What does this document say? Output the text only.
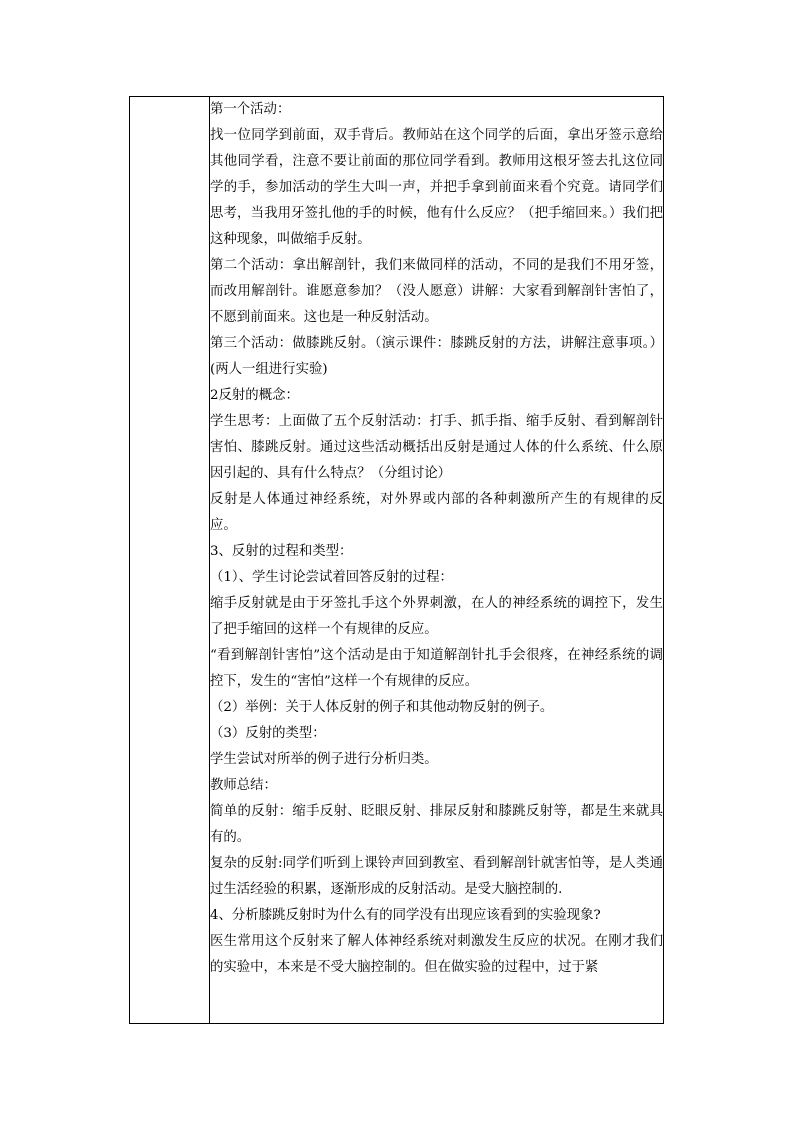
第一个活动：

找一位同学到前面，双手背后。教师站在这个同学的后面，拿出牙签示意给其他同学看，注意不要让前面的那位同学看到。教师用这根牙签去扎这位同学的手，参加活动的学生大叫一声，并把手拿到前面来看个究竟。请同学们思考，当我用牙签扎他的手的时候，他有什么反应？（把手缩回来。）我们把这种现象，叫做缩手反射。

第二个活动：拿出解剖针，我们来做同样的活动，不同的是我们不用牙签，而改用解剖针。谁愿意参加？（没人愿意）讲解：大家看到解剖针害怕了，不愿到前面来。这也是一种反射活动。

第三个活动：做膝跳反射。（演示课件：膝跳反射的方法，讲解注意事项。）(两人一组进行实验)

2反射的概念：

学生思考：上面做了五个反射活动：打手、抓手指、缩手反射、看到解剖针害怕、膝跳反射。通过这些活动概括出反射是通过人体的什么系统、什么原因引起的、具有什么特点？（分组讨论）

反射是人体通过神经系统，对外界或内部的各种刺激所产生的有规律的反应。

3、反射的过程和类型：

（1）、学生讨论尝试着回答反射的过程：

缩手反射就是由于牙签扎手这个外界刺激，在人的神经系统的调控下，发生了把手缩回的这样一个有规律的反应。

“看到解剖针害怕”这个活动是由于知道解剖针扎手会很疼，在神经系统的调控下，发生的“害怕”这样一个有规律的反应。

（2）举例：关于人体反射的例子和其他动物反射的例子。

（3）反射的类型：

学生尝试对所举的例子进行分析归类。

教师总结：

简单的反射：缩手反射、眨眼反射、排尿反射和膝跳反射等，都是生来就具有的。

复杂的反射:同学们听到上课铃声回到教室、看到解剖针就害怕等，是人类通过生活经验的积累，逐渐形成的反射活动。是受大脑控制的.

4、分析膝跳反射时为什么有的同学没有出现应该看到的实验现象?

医生常用这个反射来了解人体神经系统对刺激发生反应的状况。在刚才我们的实验中，本来是不受大脑控制的。但在做实验的过程中，过于紧
